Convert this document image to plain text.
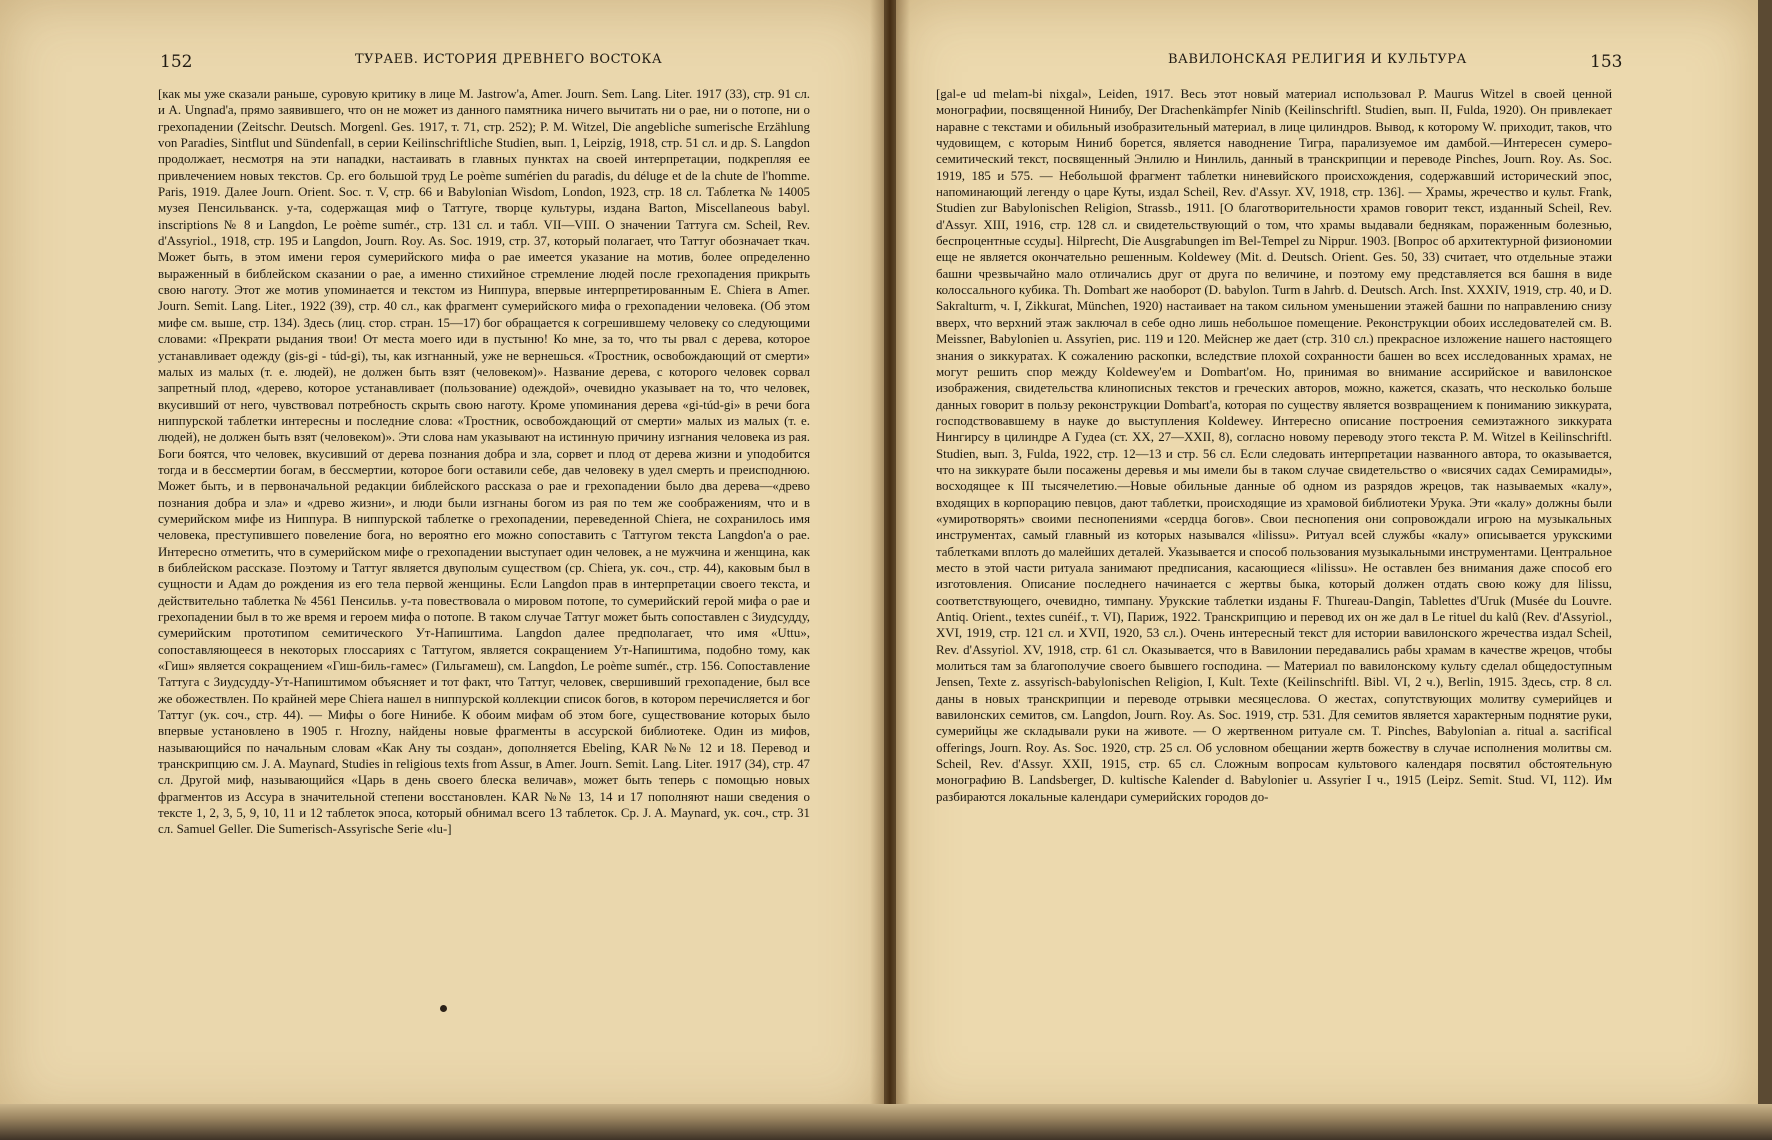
152	ТУРАЕВ. ИСТОРИЯ ДРЕВНЕГО ВОСТОКА

[как мы уже сказали раньше, суровую критику в лице M. Jastrow'a, Amer. Journ. Sem. Lang. Liter. 1917 (33), стр. 91 сл. и A. Ungnad'a, прямо заявившего, что он не может из данного памятника ничего вычитать ни о рае, ни о потопе, ни о грехопадении (Zeitschr. Deutsch. Morgenl. Ges. 1917, т. 71, стр. 252); P. M. Witzel, Die angebliche sumerische Erzählung von Paradies, Sintflut und Sündenfall, в серии Keilinschriftliche Studien, вып. 1, Leipzig, 1918, стр. 51 сл. и др. S. Langdon продолжает, несмотря на эти нападки, настаивать в главных пунктах на своей интерпретации, подкрепляя ее привлечением новых текстов. Ср. его большой труд Le poème sumérien du paradis, du déluge et de la chute de l'homme. Paris, 1919. Далее Journ. Orient. Soc. т. V, стр. 66 и Babylonian Wisdom, London, 1923, стр. 18 сл. Таблетка № 14005 музея Пенсильванск. у-та, содержащая миф о Таттуге, творце культуры, издана Barton, Miscellaneous babyl. inscriptions № 8 и Langdon, Le poème sumér., стр. 131 сл. и табл. VII—VIII. О значении Таттуга см. Scheil, Rev. d'Assyriol., 1918, стр. 195 и Langdon, Journ. Roy. As. Soc. 1919, стр. 37, который полагает, что Таттуг обозначает ткач. Может быть, в этом имени героя сумерийского мифа о рае имеется указание на мотив, более определенно выраженный в библейском сказании о рае, а именно стихийное стремление людей после грехопадения прикрыть свою наготу. Этот же мотив упоминается и текстом из Ниппура, впервые интерпретированным E. Chiera в Amer. Journ. Semit. Lang. Liter., 1922 (39), стр. 40 сл., как фрагмент сумерийского мифа о грехопадении человека. (Об этом мифе см. выше, стр. 134). Здесь (лиц. стор. стран. 15—17) бог обращается к согрешившему человеку со следующими словами: «Прекрати рыдания твои! От места моего иди в пустыню! Ко мне, за то, что ты рвал с дерева, которое устанавливает одежду (gis-gi - túd-gi), ты, как изгнанный, уже не вернешься. «Тростник, освобождающий от смерти» малых из малых (т. е. людей), не должен быть взят (человеком)». Название дерева, с которого человек сорвал запретный плод, «дерево, которое устанавливает (пользование) одеждой», очевидно указывает на то, что человек, вкусивший от него, чувствовал потребность скрыть свою наготу. Кроме упоминания дерева «gi-túd-gi» в речи бога ниппурской таблетки интересны и последние слова: «Тростник, освобождающий от смерти» малых из малых (т. е. людей), не должен быть взят (человеком)». Эти слова нам указывают на истинную причину изгнания человека из рая. Боги боятся, что человек, вкусивший от дерева познания добра и зла, сорвет и плод от дерева жизни и уподобится тогда и в бессмертии богам, в бессмертии, которое боги оставили себе, дав человеку в удел смерть и преисподнюю. Может быть, и в первоначальной редакции библейского рассказа о рае и грехопадении было два дерева—«древо познания добра и зла» и «древо жизни», и люди были изгнаны богом из рая по тем же соображениям, что и в сумерийском мифе из Ниппура. В ниппурской таблетке о грехопадении, переведенной Chiera, не сохранилось имя человека, преступившего повеление бога, но вероятно его можно сопоставить с Таттугом текста Langdon'а о рае. Интересно отметить, что в сумерийском мифе о грехопадении выступает один человек, а не мужчина и женщина, как в библейском рассказе. Поэтому и Таттуг является двуполым существом (ср. Chiera, ук. соч., стр. 44), каковым был в сущности и Адам до рождения из его тела первой женщины. Если Langdon прав в интерпретации своего текста, и действительно таблетка № 4561 Пенсильв. у-та повествовала о мировом потопе, то сумерийский герой мифа о рае и грехопадении был в то же время и героем мифа о потопе. В таком случае Таттуг может быть сопоставлен с Зиудсудду, сумерийским прототипом семитического Ут-Напиштима. Langdon далее предполагает, что имя «Uttu», сопоставляющееся в некоторых глоссариях с Таттугом, является сокращением Ут-Напиштима, подобно тому, как «Гиш» является сокращением «Гиш-биль-гамес» (Гильгамеш), см. Langdon, Le poème sumér., стр. 156. Сопоставление Таттуга с Зиудсудду-Ут-Напиштимом объясняет и тот факт, что Таттуг, человек, свершивший грехопадение, был все же обожествлен. По крайней мере Chiera нашел в ниппурской коллекции список богов, в котором перечисляется и бог Таттуг (ук. соч., стр. 44). — Мифы о боге Нинибе. К обоим мифам об этом боге, существование которых было впервые установлено в 1905 г. Hrozny, найдены новые фрагменты в ассурской библиотеке. Один из мифов, называющийся по начальным словам «Как Ану ты создан», дополняется Ebeling, KAR №№ 12 и 18. Перевод и транскрипцию см. J. A. Maynard, Studies in religious texts from Assur, в Amer. Journ. Semit. Lang. Liter. 1917 (34), стр. 47 сл. Другой миф, называющийся «Царь в день своего блеска величав», может быть теперь с помощью новых фрагментов из Ассура в значительной степени восстановлен. KAR №№ 13, 14 и 17 пополняют наши сведения о тексте 1, 2, 3, 5, 9, 10, 11 и 12 таблеток эпоса, который обнимал всего 13 таблеток. Ср. J. A. Maynard, ук. соч., стр. 31 сл. Samuel Geller. Die Sumerisch-Assyrische Serie «lu-]

ВАВИЛОНСКАЯ РЕЛИГИЯ И КУЛЬТУРА	153

[gal-e ud melam-bi nixgal», Leiden, 1917. Весь этот новый материал использовал P. Maurus Witzel в своей ценной монографии, посвященной Нинибу, Der Drachenkämpfer Ninib (Keilinschriftl. Studien, вып. II, Fulda, 1920). Он привлекает наравне с текстами и обильный изобразительный материал, в лице цилиндров. Вывод, к которому W. приходит, таков, что чудовищем, с которым Ниниб борется, является наводнение Тигра, парализуемое им дамбой.—Интересен сумеро-семитический текст, посвященный Энлилю и Нинлиль, данный в транскрипции и переводе Pinches, Journ. Roy. As. Soc. 1919, 185 и 575. — Небольшой фрагмент таблетки ниневийского происхождения, содержавший исторический эпос, напоминающий легенду о царе Куты, издал Scheil, Rev. d'Assyr. XV, 1918, стр. 136]. — Храмы, жречество и культ. Frank, Studien zur Babylonischen Religion, Strassb., 1911. [О благотворительности храмов говорит текст, изданный Scheil, Rev. d'Assyr. XIII, 1916, стр. 128 сл. и свидетельствующий о том, что храмы выдавали беднякам, пораженным болезнью, беспроцентные ссуды]. Hilprecht, Die Ausgrabungen im Bel-Tempel zu Nippur. 1903. [Вопрос об архитектурной физиономии еще не является окончательно решенным. Koldewey (Mit. d. Deutsch. Orient. Ges. 50, 33) считает, что отдельные этажи башни чрезвычайно мало отличались друг от друга по величине, и поэтому ему представляется вся башня в виде колоссального кубика. Th. Dombart же наоборот (D. babylon. Turm в Jahrb. d. Deutsch. Arch. Inst. XXXIV, 1919, стр. 40, и D. Sakralturm, ч. I, Zikkurat, München, 1920) настаивает на таком сильном уменьшении этажей башни по направлению снизу вверх, что верхний этаж заключал в себе одно лишь небольшое помещение. Реконструкции обоих исследователей см. B. Meissner, Babylonien u. Assyrien, рис. 119 и 120. Мейснер же дает (стр. 310 сл.) прекрасное изложение нашего настоящего знания о зиккуратах. К сожалению раскопки, вследствие плохой сохранности башен во всех исследованных храмах, не могут решить спор между Koldewey'ем и Dombart'ом. Но, принимая во внимание ассирийское и вавилонское изображения, свидетельства клинописных текстов и греческих авторов, можно, кажется, сказать, что несколько больше данных говорит в пользу реконструкции Dombart'а, которая по существу является возвращением к пониманию зиккурата, господствовавшему в науке до выступления Koldewey. Интересно описание построения семиэтажного зиккурата Нингирсу в цилиндре А Гудеа (ст. XX, 27—XXII, 8), согласно новому переводу этого текста P. M. Witzel в Keilinschriftl. Studien, вып. 3, Fulda, 1922, стр. 12—13 и стр. 56 сл. Если следовать интерпретации названного автора, то оказывается, что на зиккурате были посажены деревья и мы имели бы в таком случае свидетельство о «висячих садах Семирамиды», восходящее к III тысячелетию.—Новые обильные данные об одном из разрядов жрецов, так называемых «калу», входящих в корпорацию певцов, дают таблетки, происходящие из храмовой библиотеки Урука. Эти «калу» должны были «умиротворять» своими песнопениями «сердца богов». Свои песнопения они сопровождали игрою на музыкальных инструментах, самый главный из которых назывался «lilissu». Ритуал всей службы «калу» описывается урукскими таблетками вплоть до малейших деталей. Указывается и способ пользования музыкальными инструментами. Центральное место в этой части ритуала занимают предписания, касающиеся «lilissu». Не оставлен без внимания даже способ его изготовления. Описание последнего начинается с жертвы быка, который должен отдать свою кожу для lilissu, соответствующего, очевидно, тимпану. Урукские таблетки изданы F. Thureau-Dangin, Tablettes d'Uruk (Musée du Louvre. Antiq. Orient., textes cunéif., т. VI), Париж, 1922. Транскрипцию и перевод их он же дал в Le rituel du kalû (Rev. d'Assyriol., XVI, 1919, стр. 121 сл. и XVII, 1920, 53 сл.). Очень интересный текст для истории вавилонского жречества издал Scheil, Rev. d'Assyriol. XV, 1918, стр. 61 сл. Оказывается, что в Вавилонии передавались рабы храмам в качестве жрецов, чтобы молиться там за благополучие своего бывшего господина. — Материал по вавилонскому культу сделал общедоступным Jensen, Texte z. assyrisch-babylonischen Religion, I, Kult. Texte (Keilinschriftl. Bibl. VI, 2 ч.), Berlin, 1915. Здесь, стр. 8 сл. даны в новых транскрипции и переводе отрывки месяцеслова. О жестах, сопутствующих молитву сумерийцев и вавилонских семитов, см. Langdon, Journ. Roy. As. Soc. 1919, стр. 531. Для семитов является характерным поднятие руки, сумерийцы же складывали руки на животе. — О жертвенном ритуале см. T. Pinches, Babylonian a. ritual a. sacrifical offerings, Journ. Roy. As. Soc. 1920, стр. 25 сл. Об условном обещании жертв божеству в случае исполнения молитвы см. Scheil, Rev. d'Assyr. XXII, 1915, стр. 65 сл. Сложным вопросам культового календаря посвятил обстоятельную монографию B. Landsberger, D. kultische Kalender d. Babylonier u. Assyrier I ч., 1915 (Leipz. Semit. Stud. VI, 112). Им разбираются локальные календари сумерийских городов до-
